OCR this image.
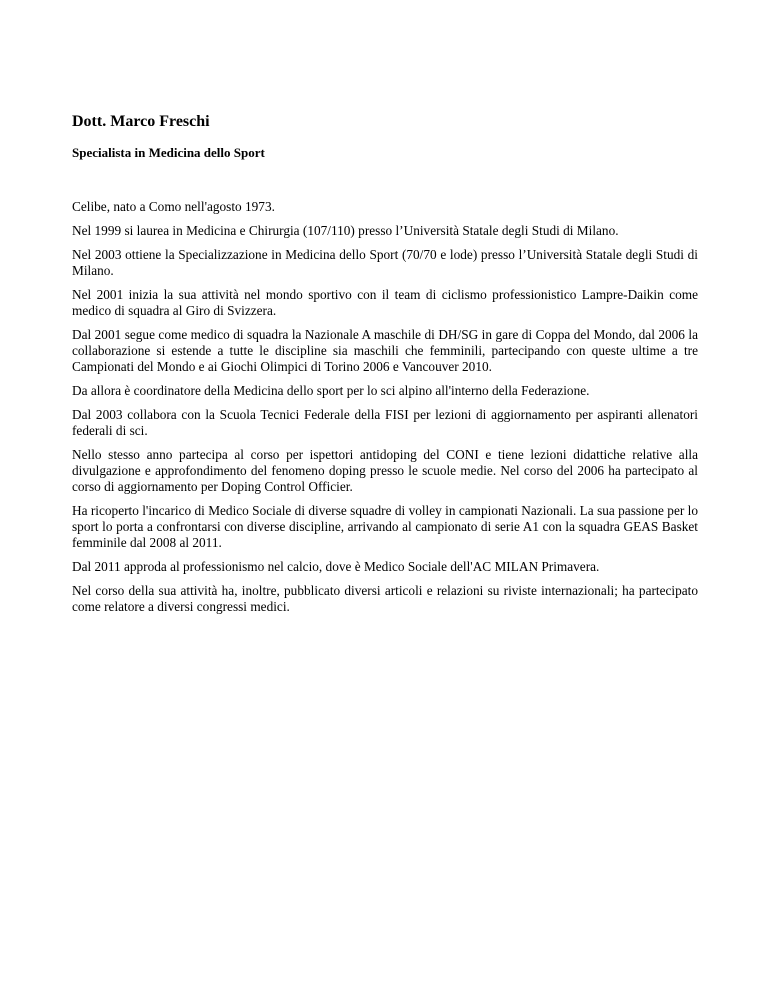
Dott. Marco Freschi
Specialista in Medicina dello Sport

Celibe, nato a Como nell'agosto 1973.

Nel 1999 si laurea in Medicina e Chirurgia (107/110) presso l’Università Statale degli Studi di Milano.

Nel 2003 ottiene la Specializzazione in Medicina dello Sport (70/70 e lode) presso l’Università Statale degli Studi di Milano.

Nel 2001 inizia la sua attività nel mondo sportivo con il team di ciclismo professionistico Lampre-Daikin come medico di squadra al Giro di Svizzera.

Dal 2001 segue come medico di squadra la Nazionale A maschile di DH/SG in gare di Coppa del Mondo, dal 2006 la collaborazione si estende a tutte le discipline sia maschili che femminili, partecipando con queste ultime a tre Campionati del Mondo e ai Giochi Olimpici di Torino 2006 e Vancouver 2010.

Da allora è coordinatore della Medicina dello sport per lo sci alpino all'interno della Federazione.

Dal 2003 collabora con la Scuola Tecnici Federale della FISI per lezioni di aggiornamento per aspiranti allenatori federali di sci.

Nello stesso anno partecipa al corso per ispettori antidoping del CONI e tiene lezioni didattiche relative alla divulgazione e approfondimento del fenomeno doping presso le scuole medie. Nel corso del 2006 ha partecipato al corso di aggiornamento per Doping Control Officier.

Ha ricoperto l'incarico di Medico Sociale di diverse squadre di volley in campionati Nazionali. La sua passione per lo sport lo porta a confrontarsi con diverse discipline, arrivando al campionato di serie A1 con la squadra GEAS Basket femminile dal 2008 al 2011.

Dal 2011 approda al professionismo nel calcio, dove è Medico Sociale dell'AC MILAN Primavera.

Nel corso della sua attività ha, inoltre, pubblicato diversi articoli e relazioni su riviste internazionali; ha partecipato come relatore a diversi congressi medici.
